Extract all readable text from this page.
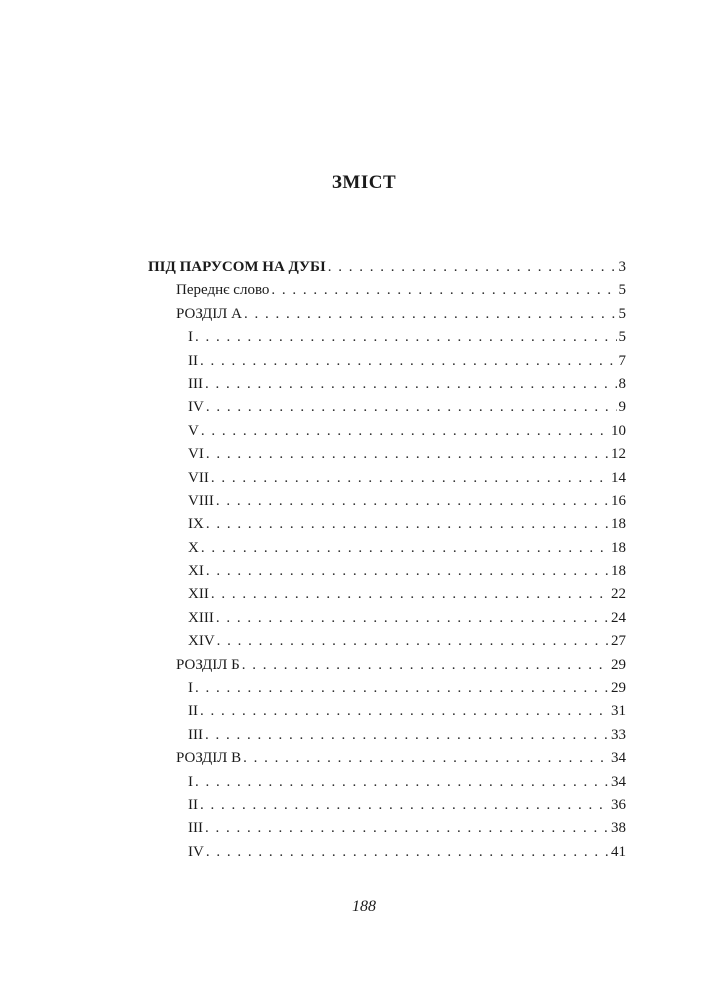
ЗМІСТ
ПІД ПАРУСОМ НА ДУБІ . . .	3
Переднє слово . . .	5
РОЗДІЛ А . . .	5
I . . .	5
II . . .	7
III . . .	8
IV . . .	9
V . . .	10
VI . . .	12
VII . . .	14
VIII . . .	16
IX . . .	18
X . . .	18
XI . . .	18
XII . . .	22
XIII . . .	24
XIV . . .	27
РОЗДІЛ Б . . .	29
I . . .	29
II . . .	31
III . . .	33
РОЗДІЛ В . . .	34
I . . .	34
II . . .	36
III . . .	38
IV . . .	41
188
